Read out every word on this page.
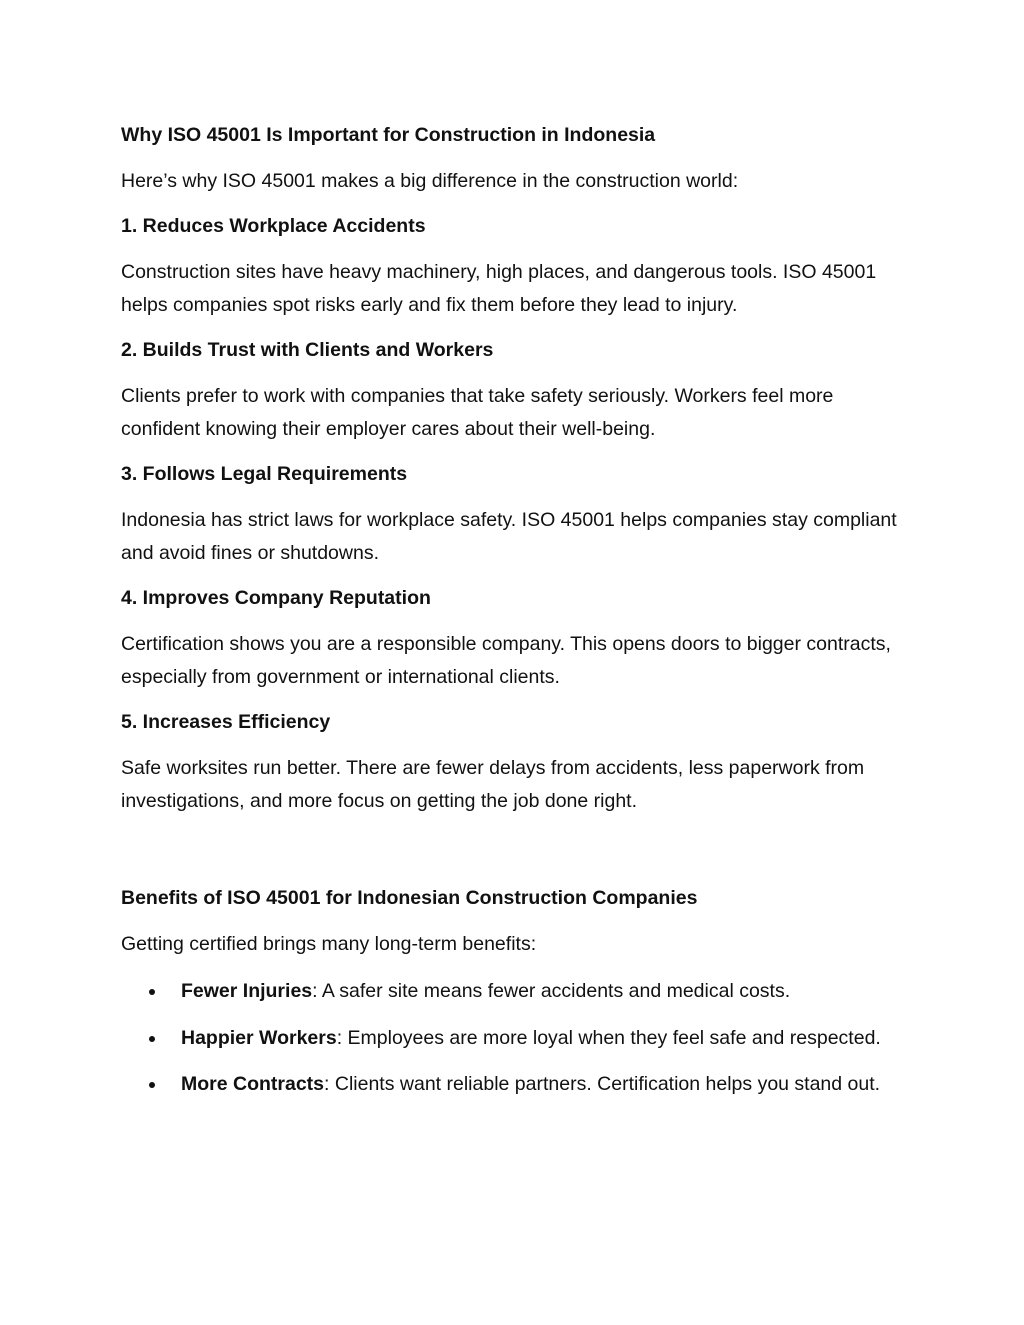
Why ISO 45001 Is Important for Construction in Indonesia

Here’s why ISO 45001 makes a big difference in the construction world:

1. Reduces Workplace Accidents

Construction sites have heavy machinery, high places, and dangerous tools. ISO 45001 helps companies spot risks early and fix them before they lead to injury.

2. Builds Trust with Clients and Workers

Clients prefer to work with companies that take safety seriously. Workers feel more confident knowing their employer cares about their well-being.

3. Follows Legal Requirements

Indonesia has strict laws for workplace safety. ISO 45001 helps companies stay compliant and avoid fines or shutdowns.

4. Improves Company Reputation

Certification shows you are a responsible company. This opens doors to bigger contracts, especially from government or international clients.

5. Increases Efficiency

Safe worksites run better. There are fewer delays from accidents, less paperwork from investigations, and more focus on getting the job done right.

Benefits of ISO 45001 for Indonesian Construction Companies

Getting certified brings many long-term benefits:

Fewer Injuries: A safer site means fewer accidents and medical costs.
Happier Workers: Employees are more loyal when they feel safe and respected.
More Contracts: Clients want reliable partners. Certification helps you stand out.
